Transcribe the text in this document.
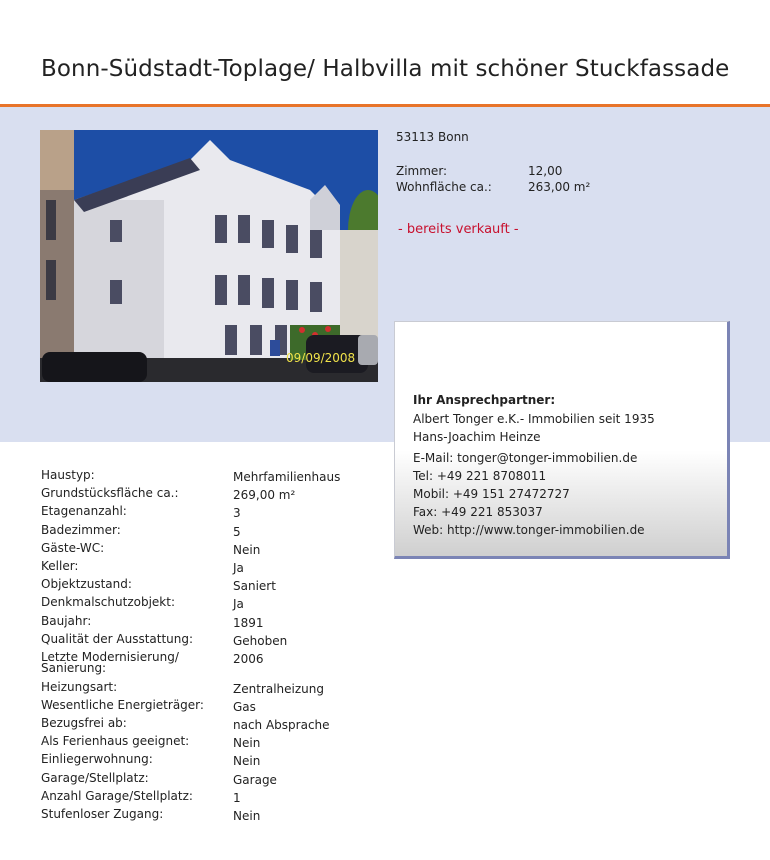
Bonn-Südstadt-Toplage/ Halbvilla mit schöner Stuckfassade
09/09/2008
53113 Bonn
Zimmer:	12,00
Wohnfläche ca.:	263,00 m²
- bereits verkauft -
Ihr Ansprechpartner:
Albert Tonger e.K.- Immobilien seit 1935
Hans-Joachim Heinze
E-Mail: tonger@tonger-immobilien.de
Tel: +49 221 8708011
Mobil: +49 151 27472727
Fax: +49 221 853037
Web: http://www.tonger-immobilien.de
Haustyp:	Mehrfamilienhaus
Grundstücksfläche ca.:	269,00 m²
Etagenanzahl:	3
Badezimmer:	5
Gäste-WC:	Nein
Keller:	Ja
Objektzustand:	Saniert
Denkmalschutzobjekt:	Ja
Baujahr:	1891
Qualität der Ausstattung:	Gehoben
Letzte Modernisierung/ Sanierung:
2006
Heizungsart:	Zentralheizung
Wesentliche Energieträger:	Gas
Bezugsfrei ab:	nach Absprache
Als Ferienhaus geeignet:	Nein
Einliegerwohnung:	Nein
Garage/Stellplatz:	Garage
Anzahl Garage/Stellplatz:	1
Stufenloser Zugang:	Nein
